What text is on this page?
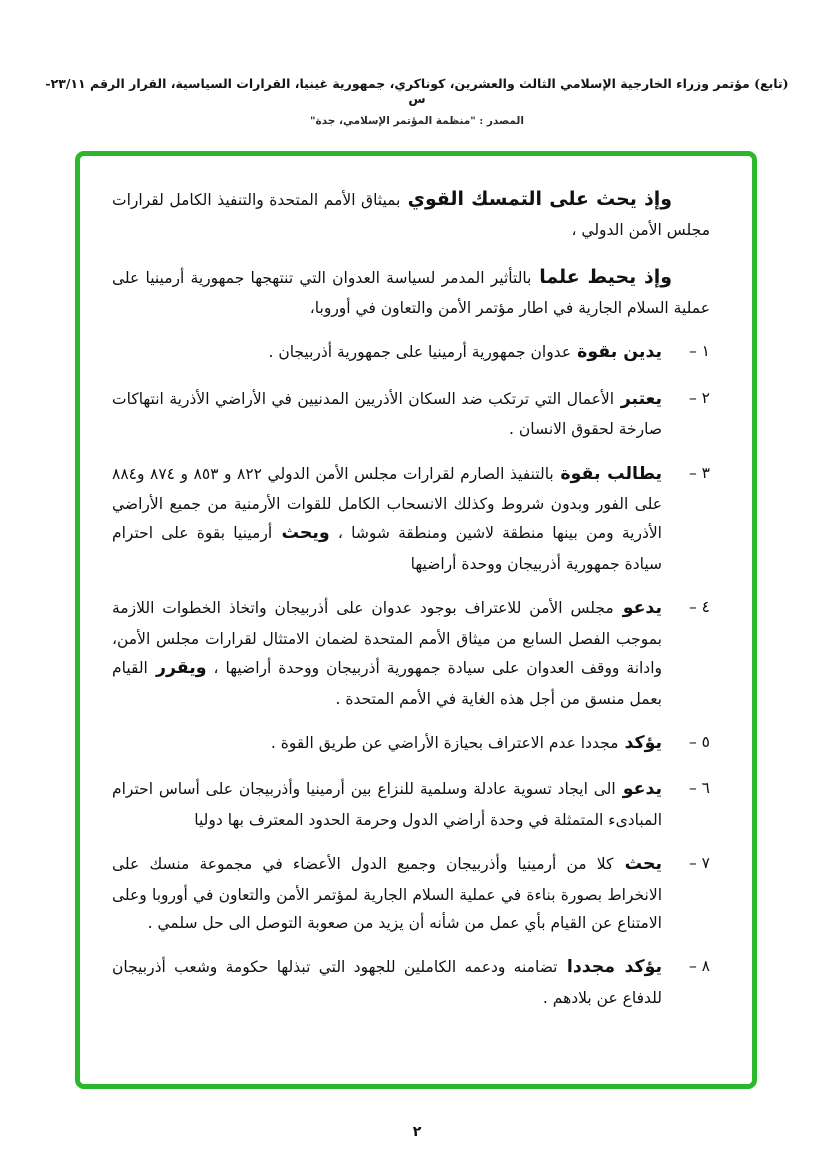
(تابع) مؤتمر وزراء الخارجية الإسلامي الثالث والعشرين، كوناكري، جمهورية غينيا، القرارات السياسية، القرار الرقم ٢٣/١١-س
المصدر : "منظمة المؤتمر الإسلامي، جدة"
وإذ يحث على التمسك القوي بميثاق الأمم المتحدة والتنفيذ الكامل لقرارات مجلس الأمن الدولي ،
وإذ يحيط علما بالتأثير المدمر لسياسة العدوان التي تنتهجها جمهورية أرمينيا على عملية السلام الجارية في اطار مؤتمر الأمن والتعاون في أوروبا،
١ –
يدين بقوة عدوان جمهورية أرمينيا على جمهورية أذربيجان .
٢ –
يعتبر الأعمال التي ترتكب ضد السكان الأذريين المدنيين في الأراضي الأذرية انتهاكات صارخة لحقوق الانسان .
٣ –
يطالب بقوة بالتنفيذ الصارم لقرارات مجلس الأمن الدولي ٨٢٢ و ٨٥٣ و ٨٧٤ و٨٨٤ على الفور وبدون شروط وكذلك الانسحاب الكامل للقوات الأرمنية من جميع الأراضي الأذرية ومن بينها منطقة لاشين ومنطقة شوشا ، ويحث أرمينيا بقوة على احترام سيادة جمهورية أذربيجان ووحدة أراضيها
٤ –
يدعو مجلس الأمن للاعتراف بوجود عدوان على أذربيجان واتخاذ الخطوات اللازمة بموجب الفصل السابع من ميثاق الأمم المتحدة لضمان الامتثال لقرارات مجلس الأمن، وادانة ووقف العدوان على سيادة جمهورية أذربيجان ووحدة أراضيها ، ويقرر القيام بعمل منسق من أجل هذه الغاية في الأمم المتحدة .
٥ –
يؤكد مجددا عدم الاعتراف بحيازة الأراضي عن طريق القوة .
٦ –
يدعو الى ايجاد تسوية عادلة وسلمية للنزاع بين أرمينيا وأذربيجان على أساس احترام المبادىء المتمثلة في وحدة أراضي الدول وحرمة الحدود المعترف بها دوليا
٧ –
يحث كلا من أرمينيا وأذربيجان وجميع الدول الأعضاء في مجموعة منسك على الانخراط بصورة بناءة في عملية السلام الجارية لمؤتمر الأمن والتعاون في أوروبا وعلى الامتناع عن القيام بأي عمل من شأنه أن يزيد من صعوبة التوصل الى حل سلمي .
٨ –
يؤكد مجددا تضامنه ودعمه الكاملين للجهود التي تبذلها حكومة وشعب أذربيجان للدفاع عن بلادهم .
٢
